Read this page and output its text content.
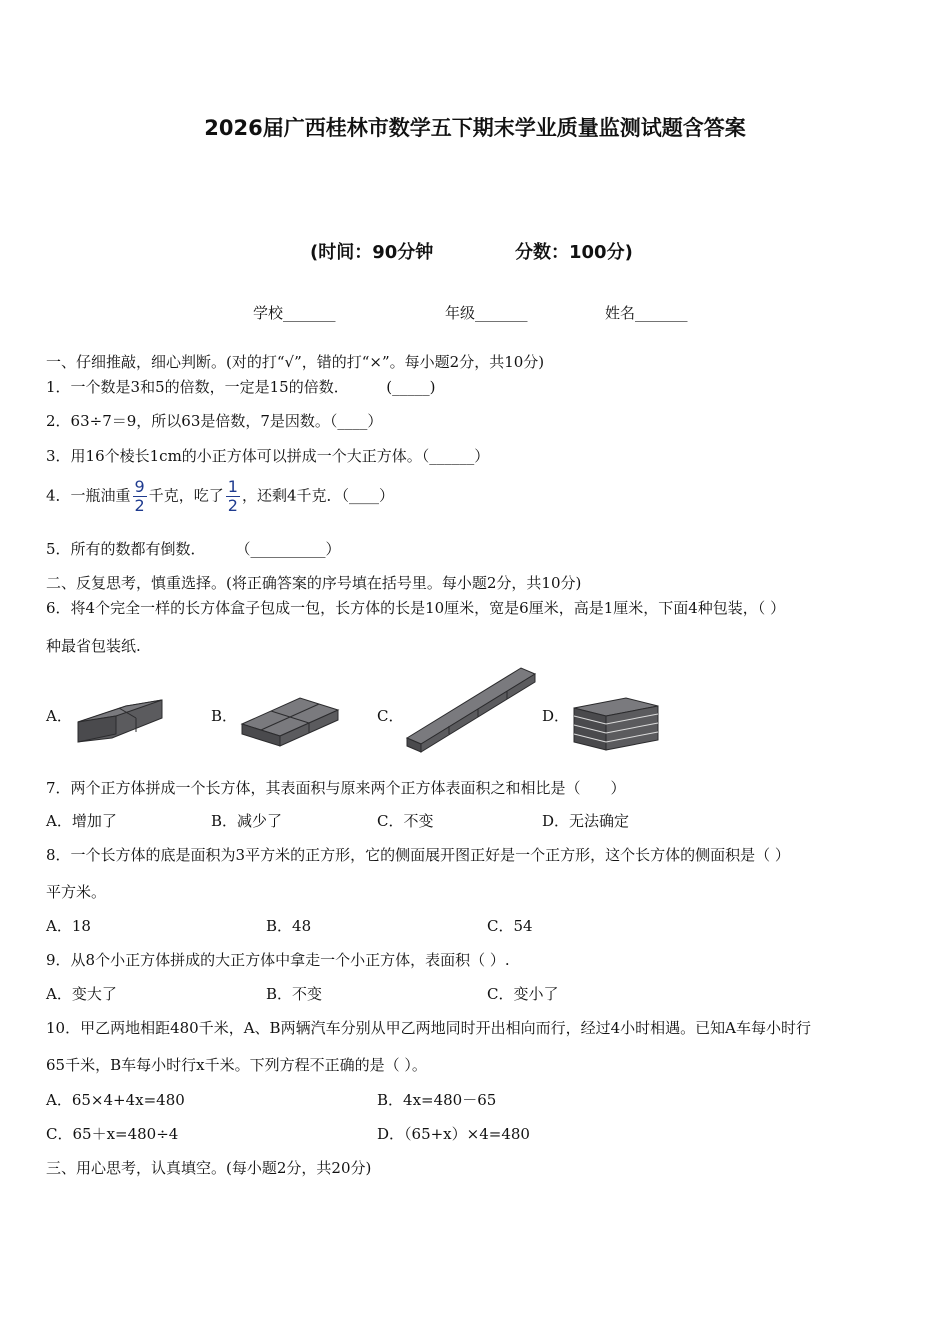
2026届广西桂林市数学五下期末学业质量监测试题含答案
(时间：90分钟	分数：100分)
学校_______	年级_______	姓名_______
一、仔细推敲，细心判断。(对的打“√”，错的打“×”。每小题2分，共10分)
1．一个数是3和5的倍数，一定是15的倍数．　　　(_____)
2．63÷7＝9，所以63是倍数，7是因数。（____）
3．用16个棱长1cm的小正方体可以拼成一个大正方体。（______）
4．一瓶油重 $\frac{9}{2}$ 千克，吃了 $\frac{1}{2}$ ，还剩4千克．（____）
5．所有的数都有倒数．　　　（__________）
二、反复思考，慎重选择。(将正确答案的序号填在括号里。每小题2分，共10分)
6．将4个完全一样的长方体盒子包成一包，长方体的长是10厘米，宽是6厘米，高是1厘米，下面4种包装，（ ）
种最省包装纸.
A．	B．	C．	D．
7．两个正方体拼成一个长方体，其表面积与原来两个正方体表面积之和相比是（　　）
A．增加了	B．减少了	C．不变	D．无法确定
8．一个长方体的底是面积为3平方米的正方形，它的侧面展开图正好是一个正方形，这个长方体的侧面积是（ ）
平方米。
A．18	B．48	C．54
9．从8个小正方体拼成的大正方体中拿走一个小正方体，表面积（ ）.
A．变大了	B．不变	C．变小了
10．甲乙两地相距480千米，A、B两辆汽车分别从甲乙两地同时开出相向而行，经过4小时相遇。已知A车每小时行
65千米，B车每小时行x千米。下列方程不正确的是（ ）。
A．65×4+4x=480	B．4x=480－65
C．65＋x=480÷4	D．（65+x）×4=480
三、用心思考，认真填空。(每小题2分，共20分)
